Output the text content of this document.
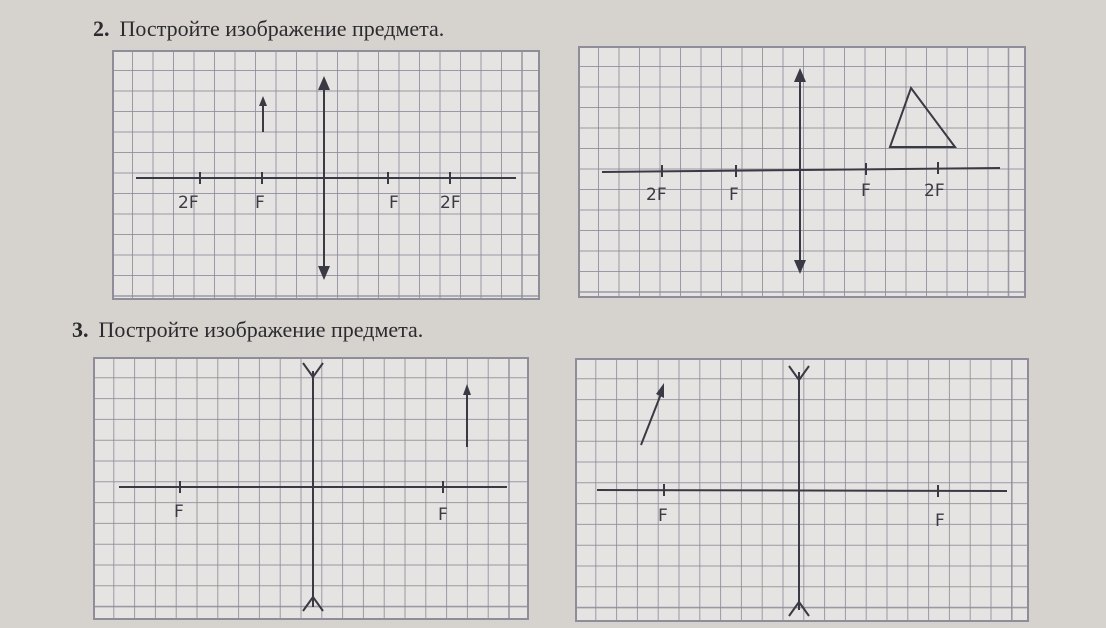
2. Постройте изображение предмета.
2F	F	F 2F	2F	F	F	2F
3. Постройте изображение предмета.
F	F	F	F
